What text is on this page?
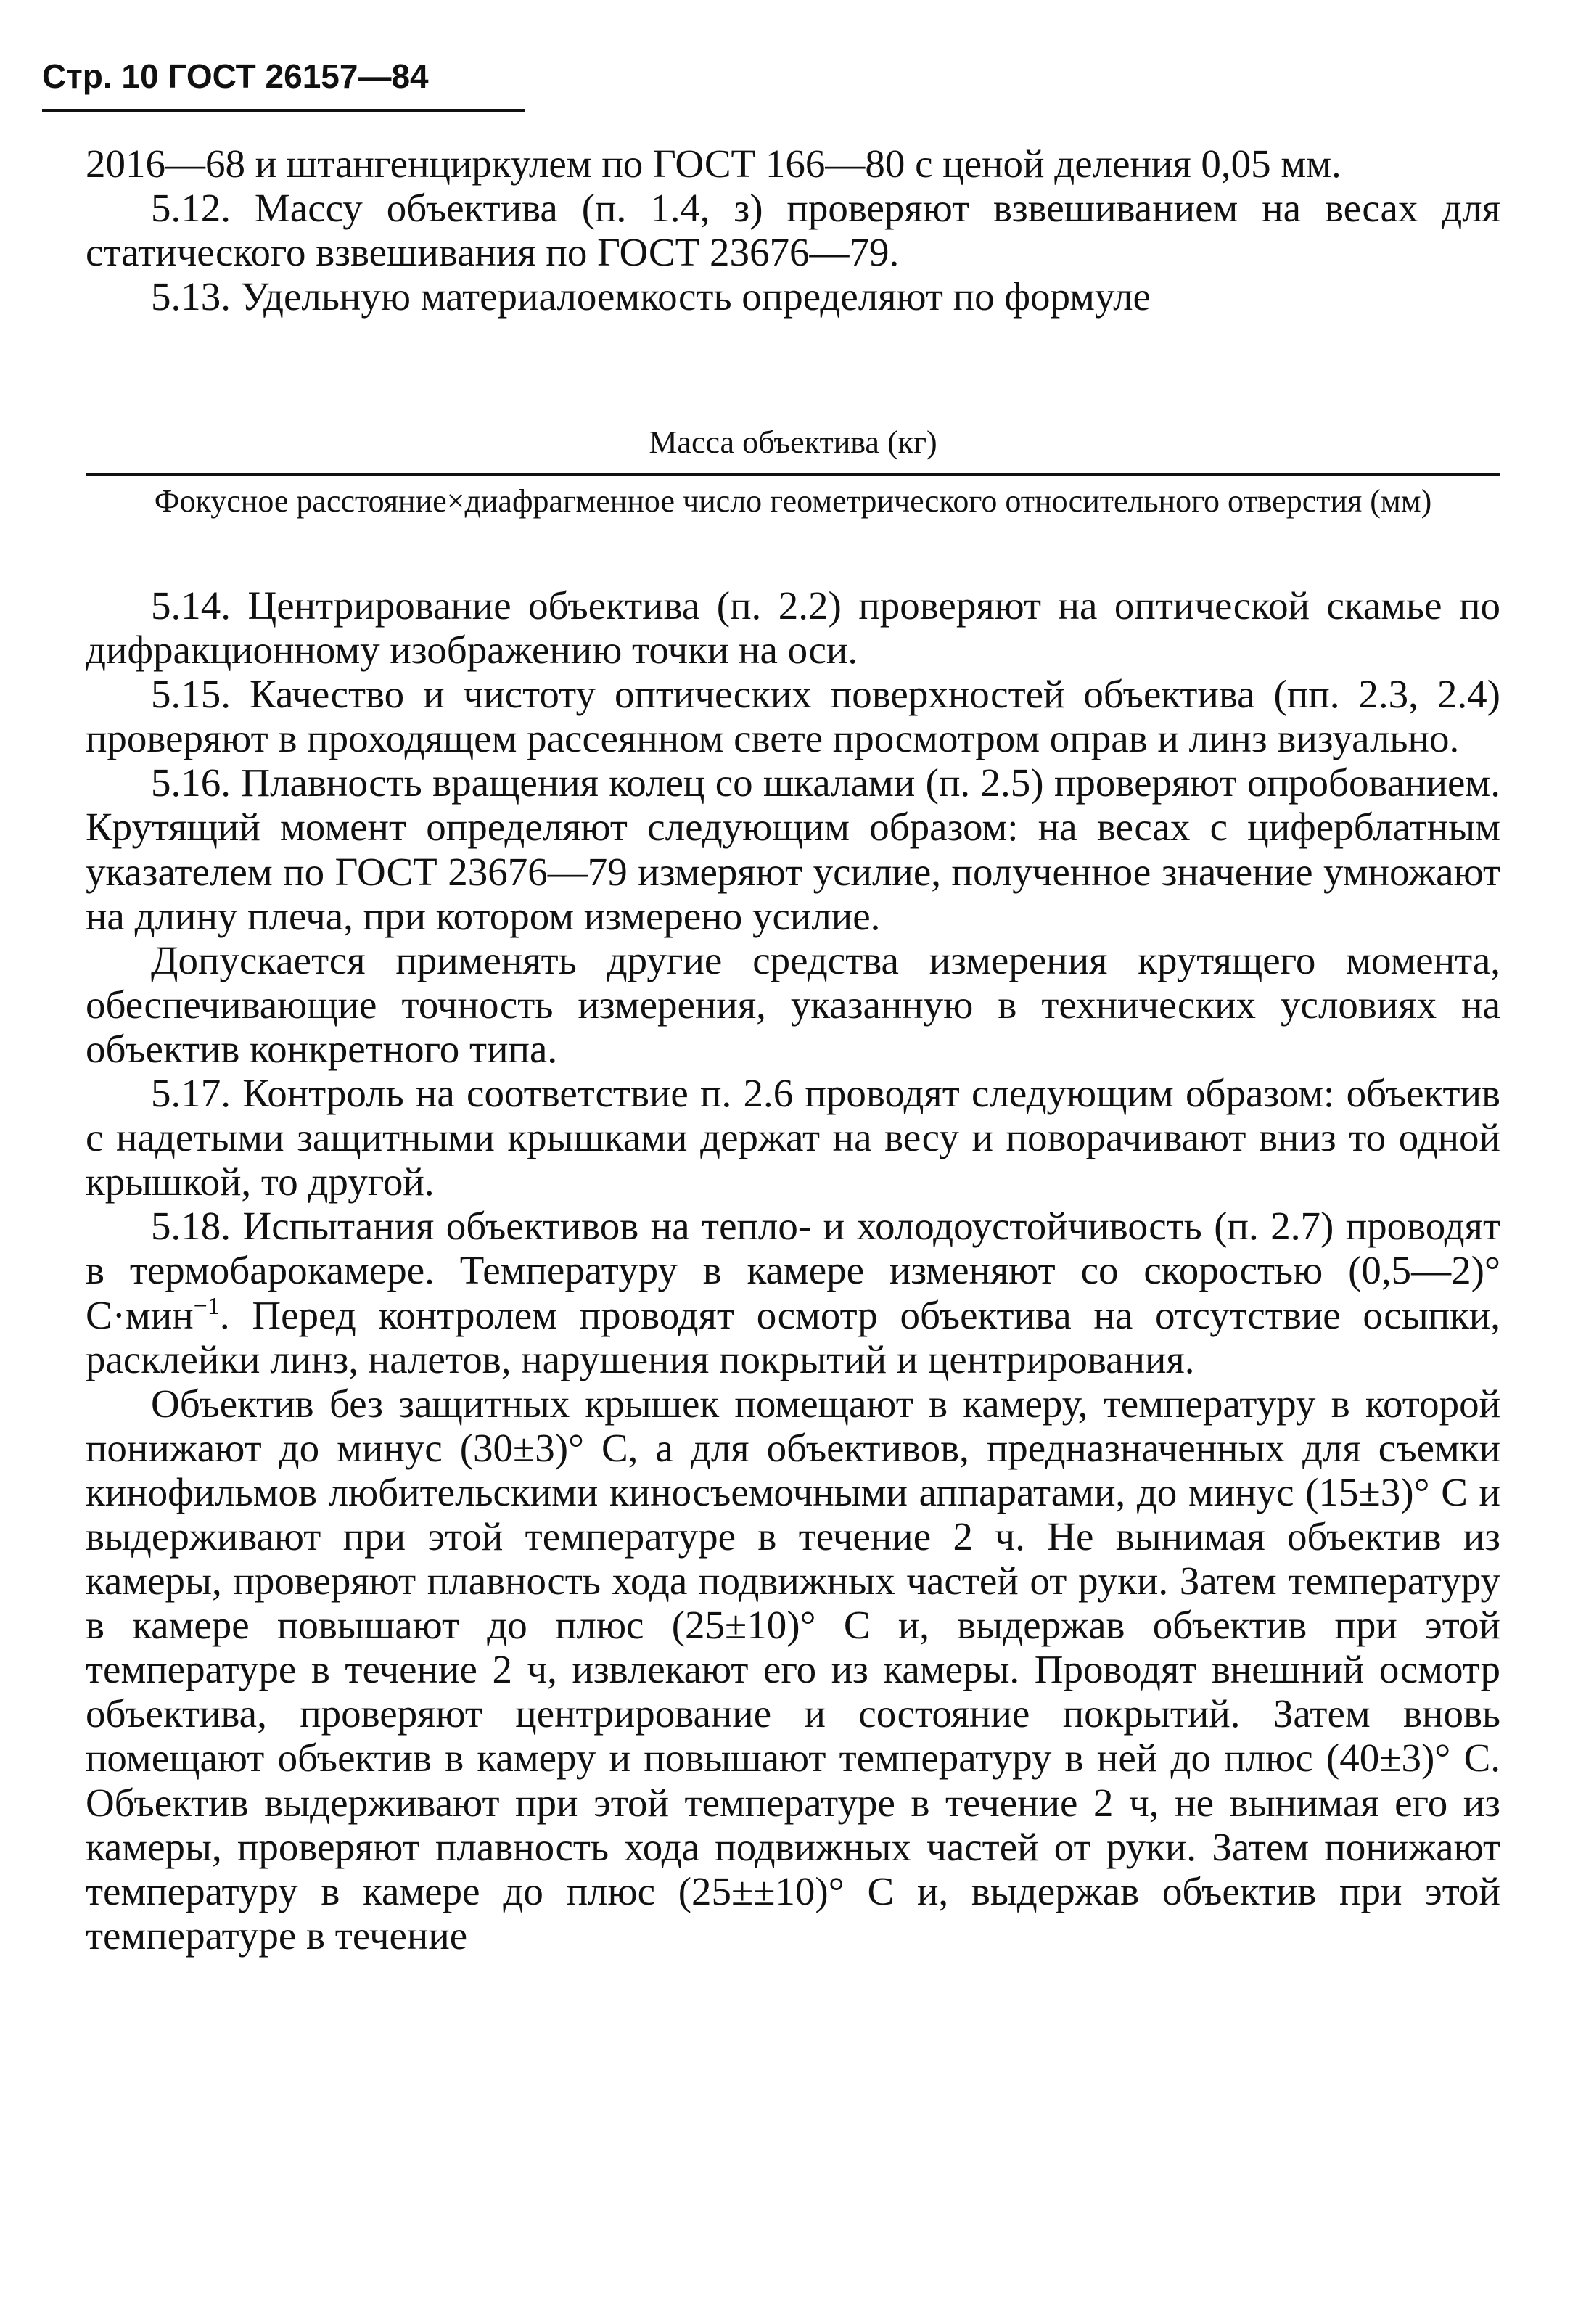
Стр. 10 ГОСТ 26157—84

2016—68 и штангенциркулем по ГОСТ 166—80 с ценой деления 0,05 мм.

5.12. Массу объектива (п. 1.4, з) проверяют взвешиванием на весах для статического взвешивания по ГОСТ 23676—79.

5.13. Удельную материалоемкость определяют по формуле

Масса объектива (кг)
Фокусное расстояние×диафрагменное число геометрического относительного отверстия (мм)

5.14. Центрирование объектива (п. 2.2) проверяют на оптической скамье по дифракционному изображению точки на оси.

5.15. Качество и чистоту оптических поверхностей объектива (пп. 2.3, 2.4) проверяют в проходящем рассеянном свете просмотром оправ и линз визуально.

5.16. Плавность вращения колец со шкалами (п. 2.5) проверяют опробованием. Крутящий момент определяют следующим образом: на весах с циферблатным указателем по ГОСТ 23676—79 измеряют усилие, полученное значение умножают на длину плеча, при котором измерено усилие.

Допускается применять другие средства измерения крутящего момента, обеспечивающие точность измерения, указанную в технических условиях на объектив конкретного типа.

5.17. Контроль на соответствие п. 2.6 проводят следующим образом: объектив с надетыми защитными крышками держат на весу и поворачивают вниз то одной крышкой, то другой.

5.18. Испытания объективов на тепло- и холодоустойчивость (п. 2.7) проводят в термобарокамере. Температуру в камере изменяют со скоростью (0,5—2)° С·мин$^{-1}$. Перед контролем проводят осмотр объектива на отсутствие осыпки, расклейки линз, налетов, нарушения покрытий и центрирования.

Объектив без защитных крышек помещают в камеру, температуру в которой понижают до минус (30±3)° С, а для объективов, предназначенных для съемки кинофильмов любительскими киносъемочными аппаратами, до минус (15±3)° С и выдерживают при этой температуре в течение 2 ч. Не вынимая объектив из камеры, проверяют плавность хода подвижных частей от руки. Затем температуру в камере повышают до плюс (25±10)° С и, выдержав объектив при этой температуре в течение 2 ч, извлекают его из камеры. Проводят внешний осмотр объектива, проверяют центрирование и состояние покрытий. Затем вновь помещают объектив в камеру и повышают температуру в ней до плюс (40±3)° С. Объектив выдерживают при этой температуре в течение 2 ч, не вынимая его из камеры, проверяют плавность хода подвижных частей от руки. Затем понижают температуру в камере до плюс (25±±10)° С и, выдержав объектив при этой температуре в течение
